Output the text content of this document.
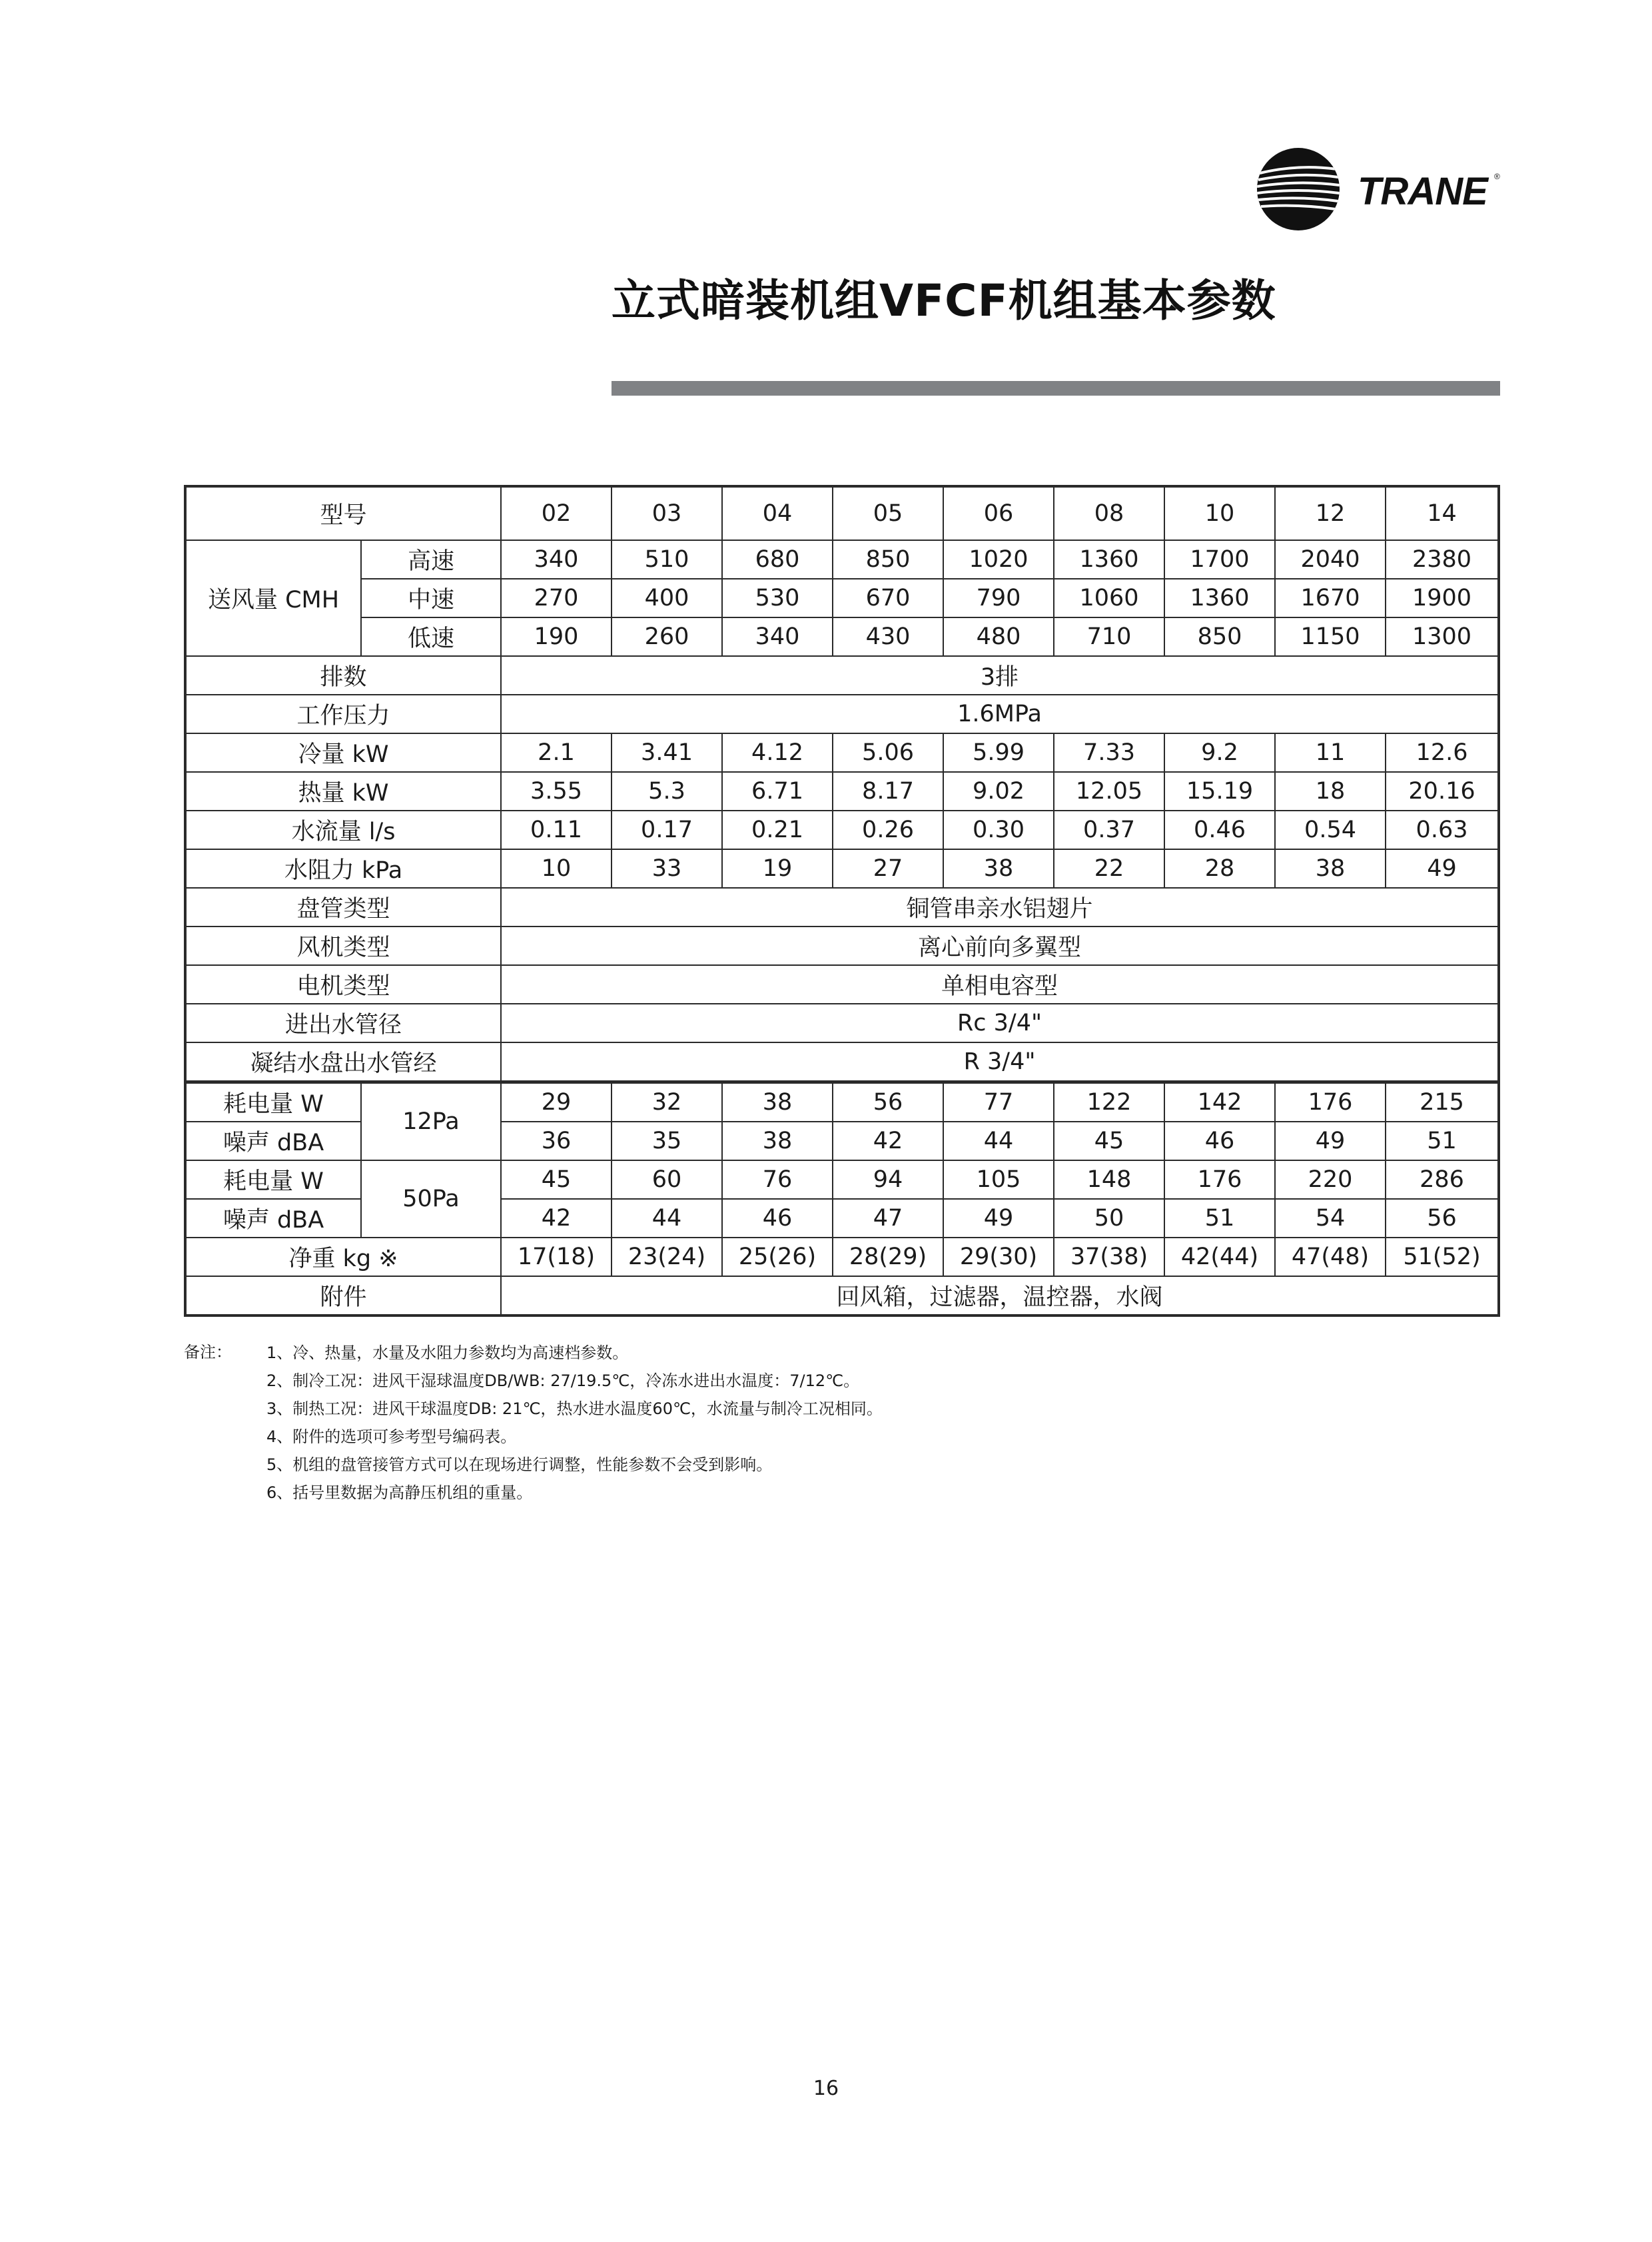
TRANE ®
立式暗装机组VFCF机组基本参数
型号		02	03	04	05	06	08	10	12	14
送风量 CMH	高速	340	510	680	850	1020	1360	1700	2040	2380
	中速	270	400	530	670	790	1060	1360	1670	1900
	低速	190	260	340	430	480	710	850	1150	1300
排数		3排								
工作压力		1.6MPa								
冷量 kW		2.1	3.41	4.12	5.06	5.99	7.33	9.2	11	12.6
热量 kW		3.55	5.3	6.71	8.17	9.02	12.05	15.19	18	20.16
水流量 l/s		0.11	0.17	0.21	0.26	0.30	0.37	0.46	0.54	0.63
水阻力 kPa		10	33	19	27	38	22	28	38	49
盘管类型		铜管串亲水铝翅片								
风机类型		离心前向多翼型								
电机类型		单相电容型								
进出水管径		Rc 3/4"								
凝结水盘出水管经		R 3/4"								
耗电量 W	12Pa	29	32	38	56	77	122	142	176	215
噪声 dBA		36	35	38	42	44	45	46	49	51
耗电量 W	50Pa	45	60	76	94	105	148	176	220	286
噪声 dBA		42	44	46	47	49	50	51	54	56
净重 kg ※		17(18)	23(24)	25(26)	28(29)	29(30)	37(38)	42(44)	47(48)	51(52)
附件		回风箱，过滤器，温控器，水阀								
备注： 1、冷、热量，水量及水阻力参数均为高速档参数。
2、制冷工况：进风干湿球温度DB/WB: 27/19.5℃，冷冻水进出水温度：7/12℃。
3、制热工况：进风干球温度DB: 21℃，热水进水温度60℃，水流量与制冷工况相同。
4、附件的选项可参考型号编码表。
5、机组的盘管接管方式可以在现场进行调整，性能参数不会受到影响。
6、括号里数据为高静压机组的重量。
16
